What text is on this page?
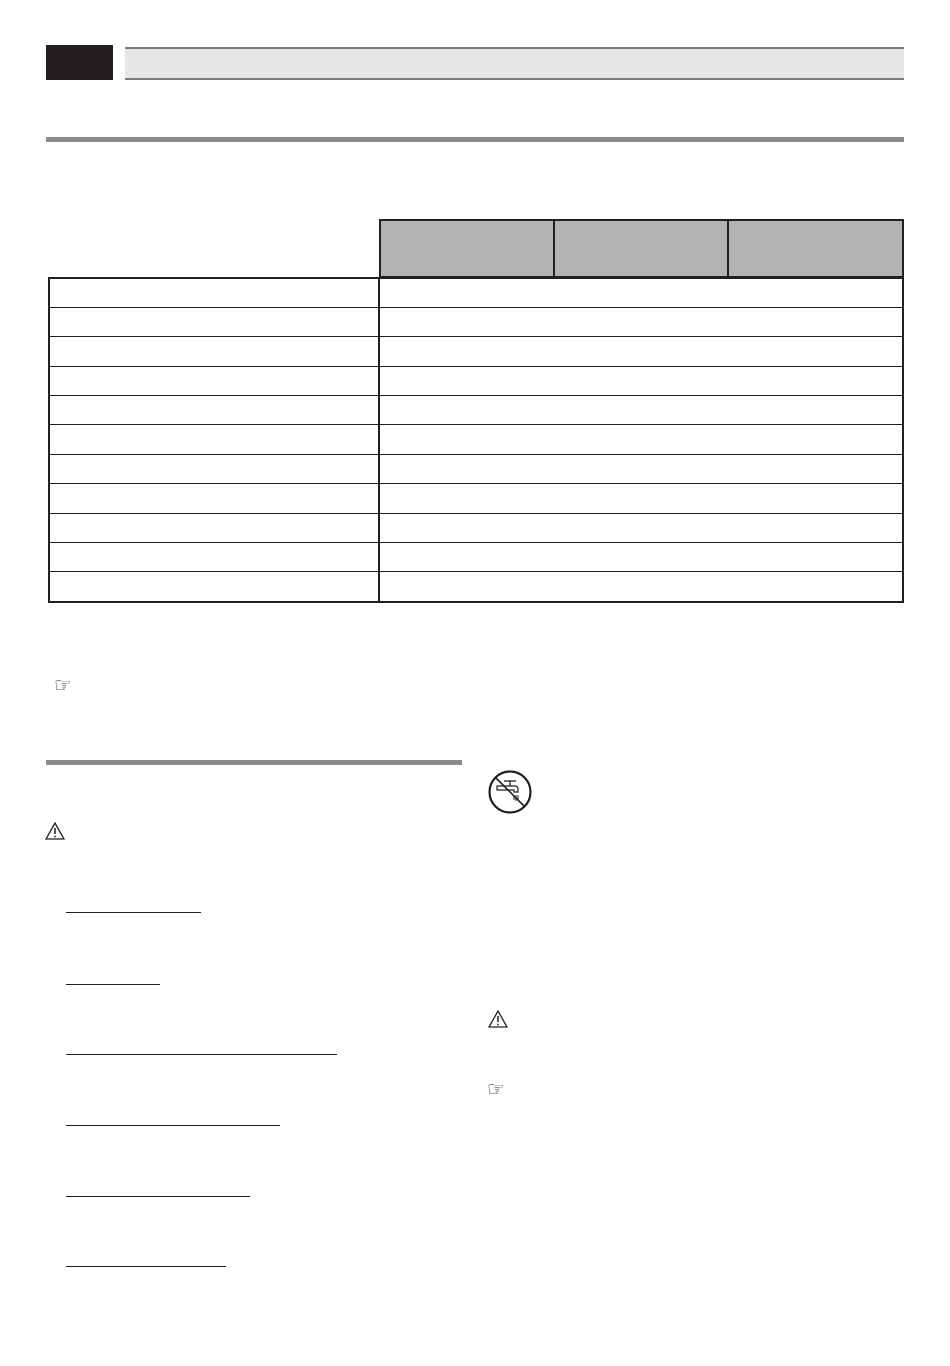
☞
☞
